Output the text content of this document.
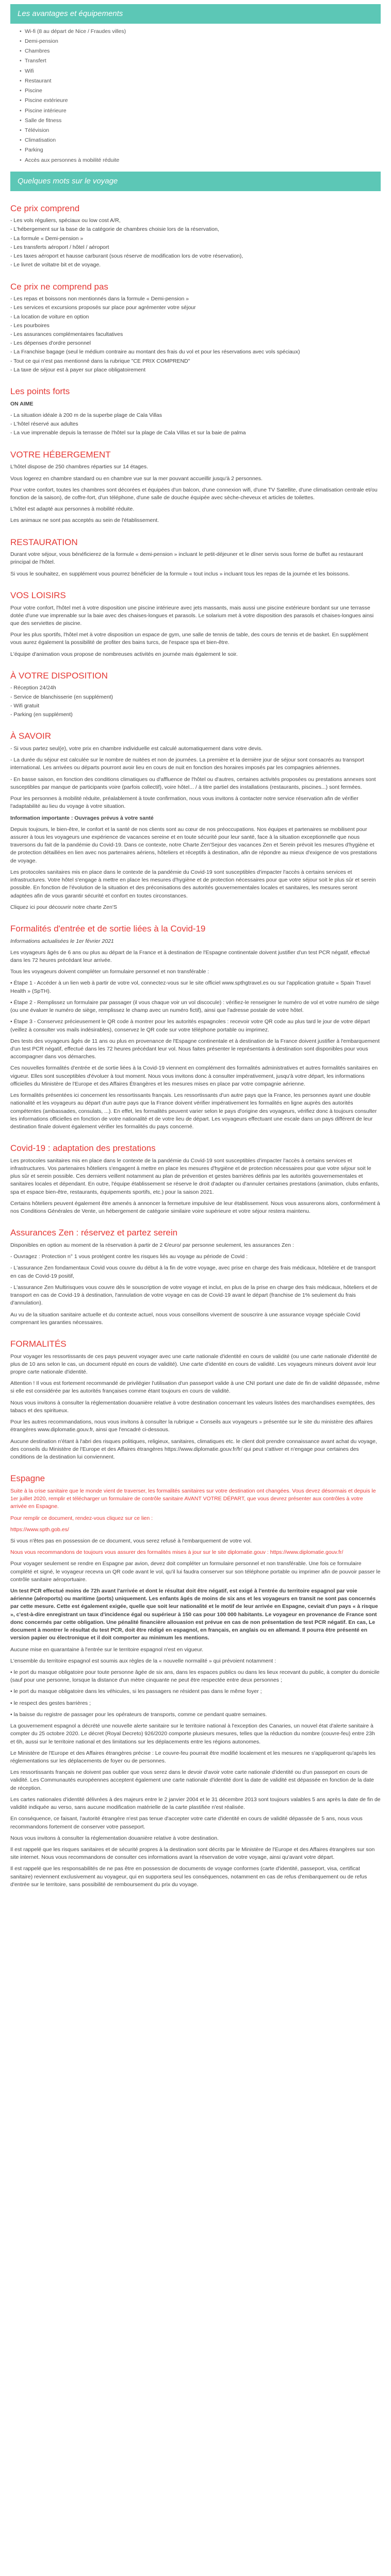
Les avantages et équipements
• Wi-fi (8 au départ de Nice / Fraudes villes)
• Demi-pension
• Chambres
• Transfert
• Wifi
• Restaurant
• Piscine
• Piscine extérieure
• Piscine intérieure
• Salle de fitness
• Télévision
• Climatisation
• Parking
• Accès aux personnes à mobilité réduite
Quelques mots sur le voyage
Ce prix comprend

- Les vols réguliers, spéciaux ou low cost A/R,

- L'hébergement sur la base de la catégorie de chambres choisie lors de la réservation,

- La formule « Demi-pension »

- Les transferts aéroport / hôtel / aéroport

- Les taxes aéroport et hausse carburant (sous réserve de modification lors de votre réservation),

- Le livret de voltatre bit et de voyage.

Ce prix ne comprend pas

- Les repas et boissons non mentionnés dans la formule « Demi-pension »

- Les services et excursions proposés sur place pour agrémenter votre séjour

- La location de voiture en option

- Les pourboires

- Les assurances complémentaires facultatives

- Les dépenses d'ordre personnel

- La Franchise bagage (seul le médium contraire au montant des frais du vol et pour les réservations avec vols spéciaux)

- Tout ce qui n'est pas mentionné dans la rubrique "CE PRIX COMPREND"

- La taxe de séjour est à payer sur place obligatoirement

Les points forts

ON AIME

- La situation idéale à 200 m de la superbe plage de Cala Villas

- L'hôtel réservé aux adultes

- La vue imprenable depuis la terrasse de l'hôtel sur la plage de Cala Villas et sur la baie de palma

VOTRE HÉBERGEMENT

L'hôtel dispose de 250 chambres réparties sur 14 étages.

Vous logerez en chambre standard ou en chambre vue sur la mer pouvant accueillir jusqu'à 2 personnes.

Pour votre confort, toutes les chambres sont décorées et équipées d'un balcon, d'une connexion wifi, d'une TV Satellite, d'une climatisation centrale et/ou fonction de la saison), de coffre-fort, d'un téléphone, d'une salle de douche équipée avec sèche-cheveux et articles de toilettes.

L'hôtel est adapté aux personnes à mobilité réduite.

Les animaux ne sont pas acceptés au sein de l'établissement.

RESTAURATION

Durant votre séjour, vous bénéficierez de la formule « demi-pension » incluant le petit-déjeuner et le dîner servis sous forme de buffet au restaurant principal de l'hôtel.

Si vous le souhaitez, en supplément vous pourrez bénéficier de la formule « tout inclus » incluant tous les repas de la journée et les boissons.

VOS LOISIRS

Pour votre confort, l'hôtel met à votre disposition une piscine intérieure avec jets massants, mais aussi une piscine extérieure bordant sur une terrasse dotée d'une vue imprenable sur la baie avec des chaises-longues et parasols. Le solarium met à votre disposition des parasols et chaises-longues ainsi que des serviettes de piscine.

Pour les plus sportifs, l'hôtel met à votre disposition un espace de gym, une salle de tennis de table, des cours de tennis et de basket. En supplément vous aurez également la possibilité de profiter des bains turcs, de l'espace spa et bien-être.

L'équipe d'animation vous propose de nombreuses activités en journée mais également le soir.

À VOTRE DISPOSITION

- Réception 24/24h

- Service de blanchisserie (en supplément)

- Wifi gratuit

- Parking (en supplément)

À SAVOIR

- Si vous partez seul(e), votre prix en chambre individuelle est calculé automatiquement dans votre devis.

- La durée du séjour est calculée sur le nombre de nuitées et non de journées. La première et la dernière jour de séjour sont consacrés au transport international. Les arrivées ou départs pourront avoir lieu en cours de nuit en fonction des horaires imposés par les compagnies aériennes.

- En basse saison, en fonction des conditions climatiques ou d'affluence de l'hôtel ou d'autres, certaines activités proposées ou prestations annexes sont susceptibles par manque de participants voire (parfois collectif), voire hôtel... / à titre partiel des installations (restaurants, piscines...) sont fermées.

Pour les personnes à mobilité réduite, préalablement à toute confirmation, nous vous invitons à contacter notre service réservation afin de vérifier l'adaptabilité au lieu du voyage à votre situation.

Information importante : Ouvrages prévus à votre santé

Depuis toujours, le bien-être, le confort et la santé de nos clients sont au cœur de nos préoccupations. Nos équipes et partenaires se mobilisent pour assurer à tous les voyageurs une expérience de vacances sereine et en toute sécurité pour leur santé, face à la situation exceptionnelle que nous traversons du fait de la pandémie du Covid-19. Dans ce contexte, notre Charte Zen'Sejour des vacances Zen et Serein prévoit les mesures d'hygiène et de protection détaillées en lien avec nos partenaires aériens, hôteliers et réceptifs à destination, afin de répondre au mieux d'exigence de vos prestations de voyage.

Les protocoles sanitaires mis en place dans le contexte de la pandémie du Covid-19 sont susceptibles d'impacter l'accès à certains services et infrastructures. Votre hôtel s'engage à mettre en place les mesures d'hygiène et de protection nécessaires pour que votre séjour soit le plus sûr et serein possible. En fonction de l'évolution de la situation et des préconisations des autorités gouvernementales locales et sanitaires, les mesures seront adaptées afin de vous garantir sécurité et confort en toutes circonstances.

Cliquez ici pour découvrir notre charte Zen'S

Formalités d'entrée et de sortie liées à la Covid-19

Informations actualisées le 1er février 2021

Les voyageurs âgés de 6 ans ou plus au départ de la France et à destination de l'Espagne continentale doivent justifier d'un test PCR négatif, effectué dans les 72 heures précédant leur arrivée.

Tous les voyageurs doivent compléter un formulaire personnel et non transférable :

• Étape 1 - Accéder à un lien web à partir de votre vol, connectez-vous sur le site officiel www.spthgtravel.es ou sur l'application gratuite « Spain Travel Health » (SpTH).

• Étape 2 - Remplissez un formulaire par passager (il vous chaque voir un vol discocule) : vérifiez-le renseigner le numéro de vol et votre numéro de siège (ou une évaluer le numéro de siège, remplissez le champ avec un numéro fictif), ainsi que l'adresse postale de votre hôtel.

• Étape 3 - Conservez précieusement le QR code à montrer pour les autorités espagnoles : recevoir votre QR code au plus tard le jour de votre départ (veillez à consulter vos mails indésirables), conservez le QR code sur votre téléphone portable ou imprimez.

Des tests des voyageurs âgés de 11 ans ou plus en provenance de l'Espagne continentale et à destination de la France doivent justifier à l'embarquement d'un test PCR négatif, effectué dans les 72 heures précédant leur vol. Nous faites présenter le représentants à destination sont disponibles pour vous accompagner dans vos démarches.

Ces nouvelles formalités d'entrée et de sortie liées à la Covid-19 viennent en complément des formalités administratives et autres formalités sanitaires en vigueur. Elles sont susceptibles d'évoluer à tout moment. Nous vous invitons donc à consulter impérativement, jusqu'à votre départ, les informations officielles du Ministère de l'Europe et des Affaires Étrangères et les mesures mises en place par votre compagnie aérienne.

Les formalités présentées ici concernent les ressortissants français. Les ressortissants d'un autre pays que la France, les personnes ayant une double nationalité et les voyageurs au départ d'un autre pays que la France doivent vérifier impérativement les formalités en ligne auprès des autorités compétentes (ambassades, consulats, ...). En effet, les formalités peuvent varier selon le pays d'origine des voyageurs, vérifiez donc à toujours consulter les informations officielles en fonction de votre nationalité et de votre lieu de départ. Les voyageurs effectuant une escale dans un pays différent de leur destination finale doivent également vérifier les formalités du pays concerné.

Covid-19 : adaptation des prestations

Les protocoles sanitaires mis en place dans le contexte de la pandémie du Covid-19 sont susceptibles d'impacter l'accès à certains services et infrastructures. Vos partenaires hôteliers s'engagent à mettre en place les mesures d'hygiène et de protection nécessaires pour que votre séjour soit le plus sûr et serein possible. Ces derniers veillent notamment au plan de prévention et gestes barrières définis par les autorités gouvernementales et sanitaires locales et dépendant. En outre, l'équipe établissement se réserve le droit d'adapter ou d'annuler certaines prestations (animation, clubs enfants, spa et espace bien-être, restaurants, équipements sportifs, etc.) pour la saison 2021.

Certains hôteliers peuvent également être amenés à annoncer la fermeture impulsive de leur établissement. Nous vous assurerons alors, conformément à nos Conditions Générales de Vente, un hébergement de catégorie similaire voire supérieure et votre séjour restera maintenu.

Assurances Zen : réservez et partez serein

Disponibles en option au moment de la réservation à partir de 2 €/euro/ par personne seulement, les assurances Zen :

- Ouvragez : Protection n° 1 vous protégent contre les risques liés au voyage au période de Covid :

- L'assurance Zen fondamentaux Covid vous couvre du début à la fin de votre voyage, avec prise en charge des frais médicaux, hôtelière et de transport en cas de Covid-19 positif,

- L'assurance Zen Multirisques vous couvre dès le souscription de votre voyage et inclut, en plus de la prise en charge des frais médicaux, hôteliers et de transport en cas de Covid-19 à destination, l'annulation de votre voyage en cas de Covid-19 avant le départ (franchise de 1% seulement du frais d'annulation).

Au vu de la situation sanitaire actuelle et du contexte actuel, nous vous conseillons vivement de souscrire à une assurance voyage spéciale Covid comprenant les garanties nécessaires.

FORMALITÉS

Pour voyager les ressortissants de ces pays peuvent voyager avec une carte nationale d'identité en cours de validité (ou une carte nationale d'identité de plus de 10 ans selon le cas, un document réputé en cours de validité). Une carte d'identité en cours de validité. Les voyageurs mineurs doivent avoir leur propre carte nationale d'identité.

Attention ! Il vous est fortement recommandé de privilégier l'utilisation d'un passeport valide à une CNI portant une date de fin de validité dépassée, même si elle est considérée par les autorités françaises comme étant toujours en cours de validité.

Nous vous invitons à consulter la réglementation douanière relative à votre destination concernant les valeurs listées des marchandises exemptées, des tabacs et des spiritueux.

Pour les autres recommandations, nous vous invitons à consulter la rubrique « Conseils aux voyageurs » présentée sur le site du ministère des affaires étrangères www.diplomatie.gouv.fr, ainsi que l'encadré ci-dessous.

Aucune destination n'étant à l'abri des risques politiques, religieux, sanitaires, climatiques etc. le client doit prendre connaissance avant achat du voyage, des conseils du Ministère de l'Europe et des Affaires étrangères https://www.diplomatie.gouv.fr/fr/ qui peut s'attiver et n'engage pour certaines des conditions de la destination lui conviennent.

Espagne

Suite à la crise sanitaire que le monde vient de traverser, les formalités sanitaires sur votre destination ont changées. Vous devez désormais et depuis le 1er juillet 2020, remplir et télécharger un formulaire de contrôle sanitaire AVANT VOTRE DÉPART, que vous devrez présenter aux contrôles à votre arrivée en Espagne.

Pour remplir ce document, rendez-vous cliquez sur ce lien :

https://www.spth.gob.es/

Si vous n'êtes pas en possession de ce document, vous serez refusé à l'embarquement de votre vol.

Nous vous recommandons de toujours vous assurer des formalités mises à jour sur le site diplomatie.gouv : https://www.diplomatie.gouv.fr/

Pour voyager seulement se rendre en Espagne par avion, devez doit compléter un formulaire personnel et non transférable. Une fois ce formulaire complété et signé, le voyageur recevra un QR code avant le vol, qu'il lui faudra conserver sur son téléphone portable ou imprimer afin de pouvoir passer le contrôle sanitaire aéroportuaire.

Un test PCR effectué moins de 72h avant l'arrivée et dont le résultat doit être négatif, est exigé à l'entrée du territoire espagnol par voie aérienne (aéroports) ou maritime (ports) uniquement. Les enfants âgés de moins de six ans et les voyageurs en transit ne sont pas concernés par cette mesure. Cette est également exigée, quelle que soit leur nationalité et le motif de leur arrivée en Espagne, ceviait d'un pays « à risque », c'est-à-dire enregistrant un taux d'incidence égal ou supérieur à 150 cas pour 100 000 habitants. Le voyageur en provenance de France sont donc concernés par cette obligation. Une pénalité financière allouasion est prévue en cas de non présentation de test PCR négatif. En cas, Le document à montrer le résultat du test PCR, doit être rédigé en espagnol, en français, en anglais ou en allemand. Il pourra être présenté en version papier ou électronique et il doit comporter au minimum les mentions.

Aucune mise en quarantaine à l'entrée sur le territoire espagnol n'est en vigueur.

L'ensemble du territoire espagnol est soumis aux règles de la « nouvelle normalité » qui prévoient notamment :

• le port du masque obligatoire pour toute personne âgée de six ans, dans les espaces publics ou dans les lieux recevant du public, à compter du domicile (sauf pour une personne, lorsque la distance d'un mètre cinquante ne peut être respectée entre deux personnes ;

• le port du masque obligatoire dans les véhicules, si les passagers ne résident pas dans le même foyer ;

• le respect des gestes barrières ;

• la baisse du registre de passager pour les opérateurs de transports, comme ce pendant quatre semaines.

La gouvernement espagnol a décrété une nouvelle alerte sanitaire sur le territoire national à l'exception des Canaries, un nouvel état d'alerte sanitaire à compter du 25 octobre 2020. Le décret (Royal Decreto) 926/2020 comporte plusieurs mesures, telles que la réduction du nombre (couvre-feu) entre 23h et 6h, aussi sur le territoire national et des limitations sur les déplacements entre les régions autonomes.

Le Ministère de l'Europe et des Affaires étrangères précise : Le couvre-feu pourrait être modifié localement et les mesures ne s'appliqueront qu'après les réglementations sur les déplacements de foyer ou de personnes.

Les ressortissants français ne doivent pas oublier que vous serez dans le devoir d'avoir votre carte nationale d'identité ou d'un passeport en cours de validité. Les Communautés européennes acceptent également une carte nationale d'identité dont la date de validité est dépassée en fonction de la date de réception.

Les cartes nationales d'identité délivrées à des majeurs entre le 2 janvier 2004 et le 31 décembre 2013 sont toujours valables 5 ans après la date de fin de validité indiquée au verso, sans aucune modification matérielle de la carte plastifiée n'est réalisée.

En conséquence, ce faisant, l'autorité étrangère n'est pas tenue d'accepter votre carte d'identité en cours de validité dépassée de 5 ans, nous vous recommandons fortement de conserver votre passeport.

Nous vous invitons à consulter la réglementation douanière relative à votre destination.

Il est rappelé que les risques sanitaires et de sécurité propres à la destination sont décrits par le Ministère de l'Europe et des Affaires étrangères sur son site internet. Nous vous recommandons de consulter ces informations avant la réservation de votre voyage, ainsi qu'avant votre départ.

Il est rappelé que les responsabilités de ne pas être en possession de documents de voyage conformes (carte d'identité, passeport, visa, certificat sanitaire) reviennent exclusivement au voyageur, qui en supportera seul les conséquences, notamment en cas de refus d'embarquement ou de refus d'entrée sur le territoire, sans possibilité de remboursement du prix du voyage.
